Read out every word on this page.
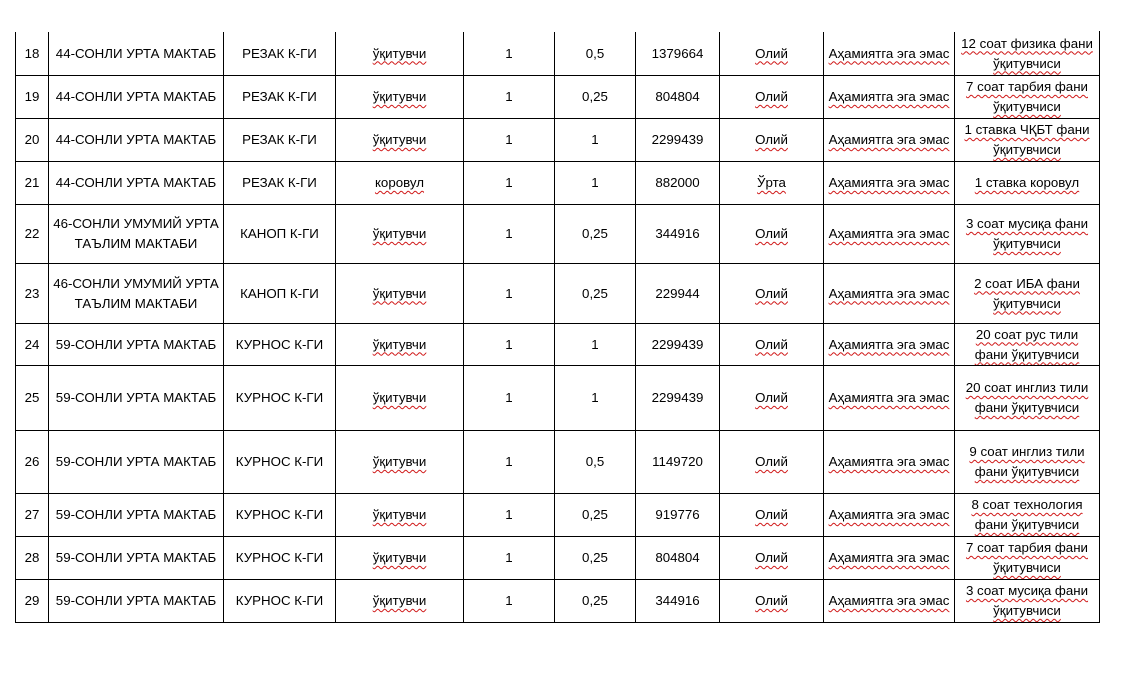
18	44-СОНЛИ УРТА МАКТАБ	РЕЗАК К-ГИ	ўқитувчи	1	0,5	1379664	Олий	Аҳамиятга эга эмас	12 соат физика фани ўқитувчиси
19	44-СОНЛИ УРТА МАКТАБ	РЕЗАК К-ГИ	ўқитувчи	1	0,25	804804	Олий	Аҳамиятга эга эмас	7 соат тарбия фани ўқитувчиси
20	44-СОНЛИ УРТА МАКТАБ	РЕЗАК К-ГИ	ўқитувчи	1	1	2299439	Олий	Аҳамиятга эга эмас	1 ставка ЧҚБТ фани ўқитувчиси
21	44-СОНЛИ УРТА МАКТАБ	РЕЗАК К-ГИ	коровул	1	1	882000	Ўрта	Аҳамиятга эга эмас	1 ставка коровул
22	46-СОНЛИ УМУМИЙ УРТА ТАЪЛИМ МАКТАБИ	КАНОП К-ГИ	ўқитувчи	1	0,25	344916	Олий	Аҳамиятга эга эмас	3 соат мусиқа фани ўқитувчиси
23	46-СОНЛИ УМУМИЙ УРТА ТАЪЛИМ МАКТАБИ	КАНОП К-ГИ	ўқитувчи	1	0,25	229944	Олий	Аҳамиятга эга эмас	2 соат ИБА фани ўқитувчиси
24	59-СОНЛИ УРТА МАКТАБ	КУРНОС К-ГИ	ўқитувчи	1	1	2299439	Олий	Аҳамиятга эга эмас	20 соат рус тили фани ўқитувчиси
25	59-СОНЛИ УРТА МАКТАБ	КУРНОС К-ГИ	ўқитувчи	1	1	2299439	Олий	Аҳамиятга эга эмас	20 соат инглиз тили фани ўқитувчиси
26	59-СОНЛИ УРТА МАКТАБ	КУРНОС К-ГИ	ўқитувчи	1	0,5	1149720	Олий	Аҳамиятга эга эмас	9 соат инглиз тили фани ўқитувчиси
27	59-СОНЛИ УРТА МАКТАБ	КУРНОС К-ГИ	ўқитувчи	1	0,25	919776	Олий	Аҳамиятга эга эмас	8 соат технология фани ўқитувчиси
28	59-СОНЛИ УРТА МАКТАБ	КУРНОС К-ГИ	ўқитувчи	1	0,25	804804	Олий	Аҳамиятга эга эмас	7 соат тарбия фани ўқитувчиси
29	59-СОНЛИ УРТА МАКТАБ	КУРНОС К-ГИ	ўқитувчи	1	0,25	344916	Олий	Аҳамиятга эга эмас	3 соат мусиқа фани ўқитувчиси
